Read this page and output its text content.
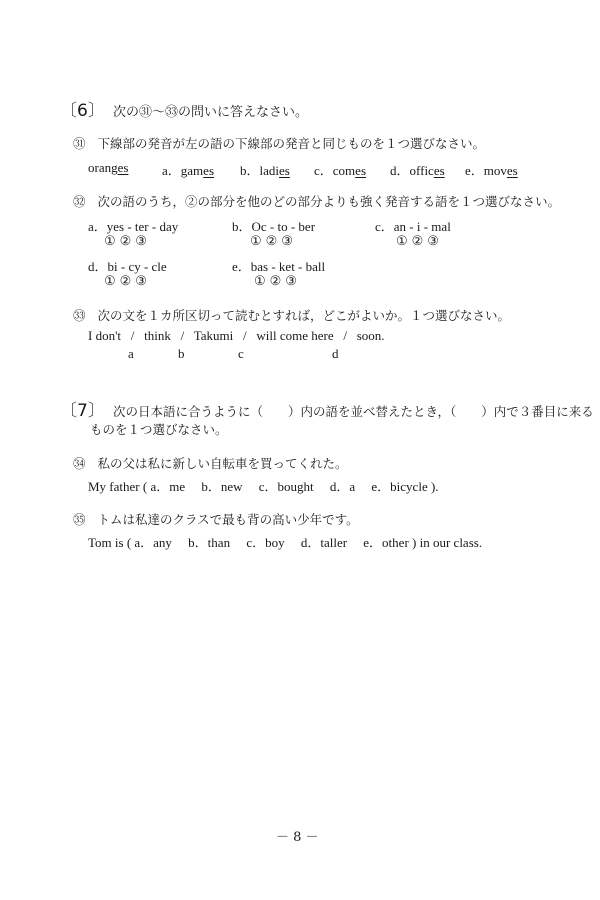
〔6〕 次の㉛～㉝の問いに答えなさい。
㉛ 下線部の発音が左の語の下線部の発音と同じものを１つ選びなさい。
oranges	a．games b．ladies c．comes d．offices e．moves
㉜ 次の語のうち，②の部分を他のどの部分よりも強く発音する語を１つ選びなさい。
a．yes - ter - day
①②③
b．Oc - to - ber
①②③
c．an - i - mal
①②③
d．bi - cy - cle
①②③
e．bas - ket - ball
①②③
㉝ 次の文を１カ所区切って読むとすれば，どこがよいか。１つ選びなさい。
I don't   /   think   /   Takumi   /   will come here   /   soon.
a	b	c	d
〔7〕 次の日本語に合うように（　　）内の語を並べ替えたとき，（　　）内で３番目に来る
ものを１つ選びなさい。
㉞ 私の父は私に新しい自転車を買ってくれた。
My father ( a．me     b．new     c．bought     d．a     e．bicycle ).
㉟ トムは私達のクラスで最も背の高い少年です。
Tom is ( a．any     b．than     c．boy     d．taller     e．other ) in our class.
－ 8 －
